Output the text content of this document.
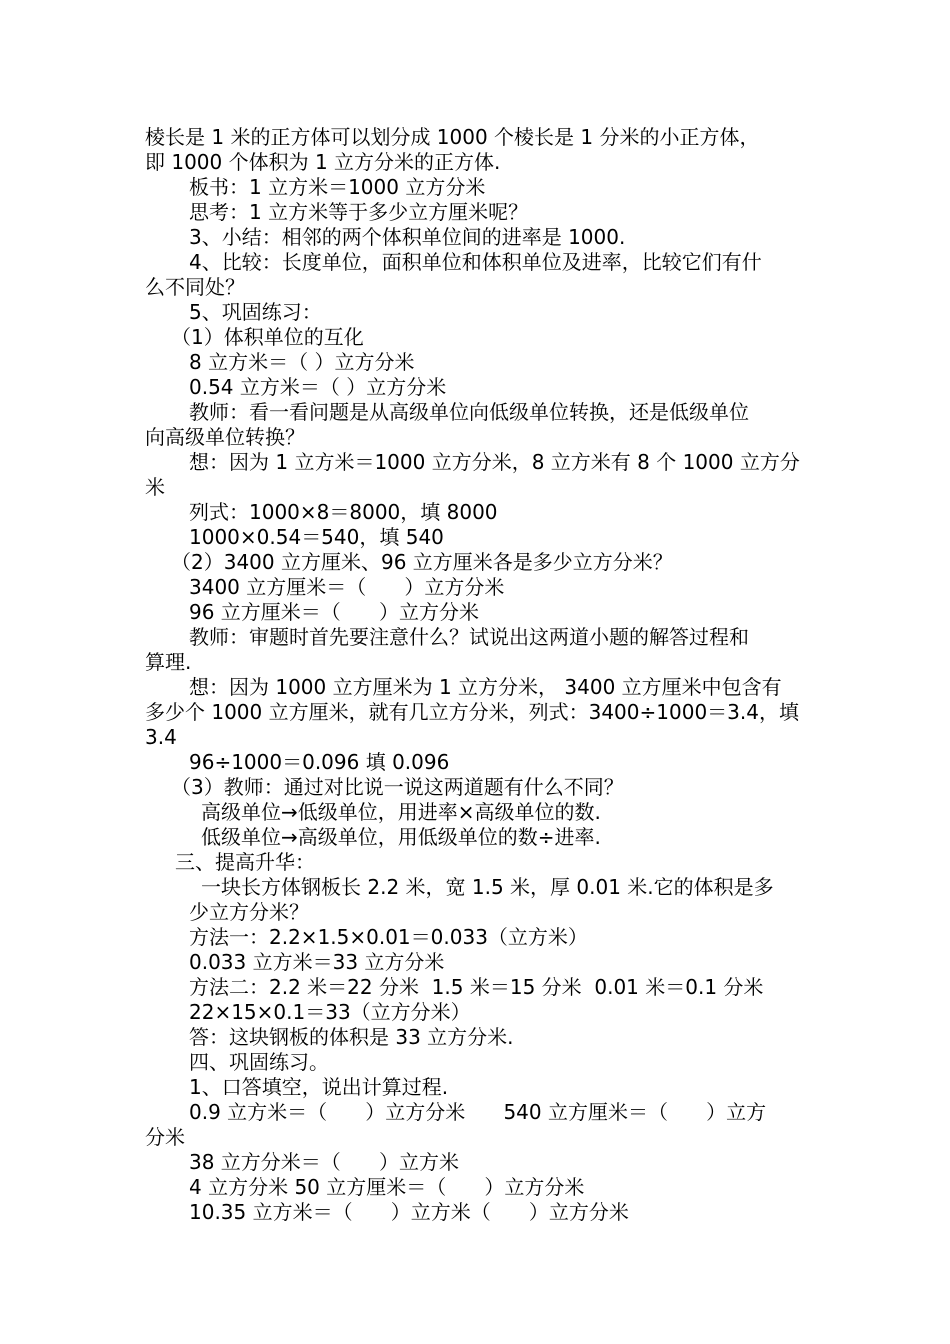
棱长是 1 米的正方体可以划分成 1000 个棱长是 1 分米的小正方体，
即 1000 个体积为 1 立方分米的正方体.
板书：1 立方米＝1000 立方分米
思考：1 立方米等于多少立方厘米呢？
3、小结：相邻的两个体积单位间的进率是 1000.
4、比较：长度单位，面积单位和体积单位及进率，比较它们有什
么不同处？
5、巩固练习：
（1）体积单位的互化
8 立方米＝（ ）立方分米
0.54 立方米＝（ ）立方分米
教师：看一看问题是从高级单位向低级单位转换，还是低级单位
向高级单位转换？
想：因为 1 立方米＝1000 立方分米，8 立方米有 8 个 1000 立方分
米
列式：1000×8＝8000，填 8000
1000×0.54＝540，填 540
（2）3400 立方厘米、96 立方厘米各是多少立方分米？
3400 立方厘米＝（      ）立方分米
96 立方厘米＝（      ）立方分米
教师：审题时首先要注意什么？试说出这两道小题的解答过程和
算理.
想：因为 1000 立方厘米为 1 立方分米， 3400 立方厘米中包含有
多少个 1000 立方厘米，就有几立方分米，列式：3400÷1000＝3.4，填
3.4
96÷1000＝0.096 填 0.096
（3）教师：通过对比说一说这两道题有什么不同？
高级单位→低级单位，用进率×高级单位的数.
低级单位→高级单位，用低级单位的数÷进率.
三、提高升华：
一块长方体钢板长 2.2 米，宽 1.5 米，厚 0.01 米.它的体积是多
少立方分米？
方法一：2.2×1.5×0.01＝0.033（立方米）
0.033 立方米＝33 立方分米
方法二：2.2 米＝22 分米  1.5 米＝15 分米  0.01 米＝0.1 分米
22×15×0.1＝33（立方分米）
答：这块钢板的体积是 33 立方分米.
四、巩固练习。
1、口答填空，说出计算过程.
0.9 立方米＝（      ）立方分米      540 立方厘米＝（      ）立方
分米
38 立方分米＝（      ）立方米
4 立方分米 50 立方厘米＝（      ）立方分米
10.35 立方米＝（      ）立方米（      ）立方分米
